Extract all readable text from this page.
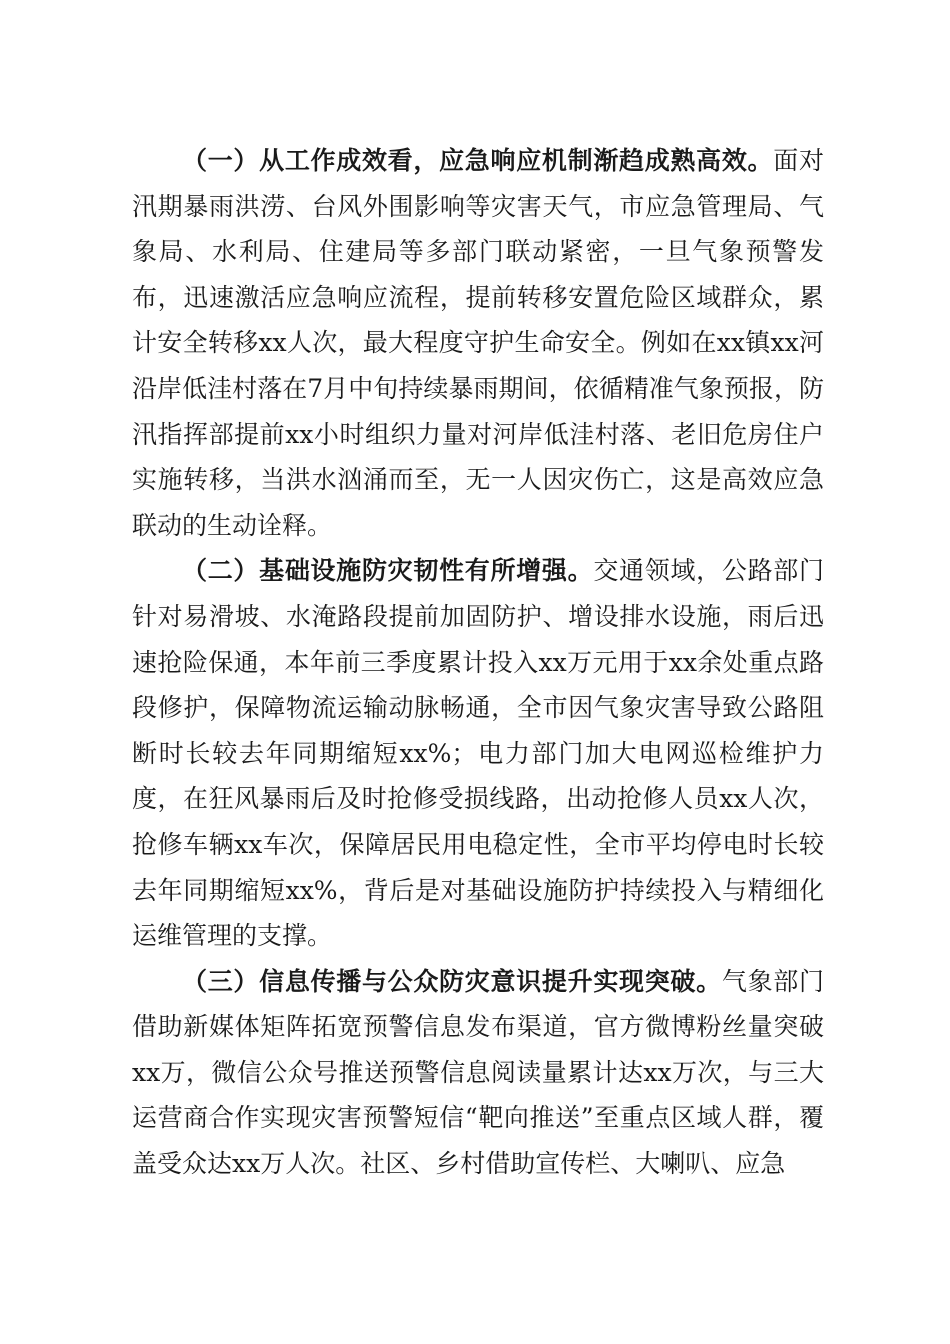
（一）从工作成效看，应急响应机制渐趋成熟高效。面对汛期暴雨洪涝、台风外围影响等灾害天气，市应急管理局、气象局、水利局、住建局等多部门联动紧密，一旦气象预警发布，迅速激活应急响应流程，提前转移安置危险区域群众，累计安全转移xx人次，最大程度守护生命安全。例如在xx镇xx河沿岸低洼村落在7月中旬持续暴雨期间，依循精准气象预报，防汛指挥部提前xx小时组织力量对河岸低洼村落、老旧危房住户实施转移，当洪水汹涌而至，无一人因灾伤亡，这是高效应急联动的生动诠释。

（二）基础设施防灾韧性有所增强。交通领域，公路部门针对易滑坡、水淹路段提前加固防护、增设排水设施，雨后迅速抢险保通，本年前三季度累计投入xx万元用于xx余处重点路段修护，保障物流运输动脉畅通，全市因气象灾害导致公路阻断时长较去年同期缩短xx%；电力部门加大电网巡检维护力度，在狂风暴雨后及时抢修受损线路，出动抢修人员xx人次，抢修车辆xx车次，保障居民用电稳定性，全市平均停电时长较去年同期缩短xx%，背后是对基础设施防护持续投入与精细化运维管理的支撑。

（三）信息传播与公众防灾意识提升实现突破。气象部门借助新媒体矩阵拓宽预警信息发布渠道，官方微博粉丝量突破xx万，微信公众号推送预警信息阅读量累计达xx万次，与三大运营商合作实现灾害预警短信“靶向推送”至重点区域人群，覆盖受众达xx万人次。社区、乡村借助宣传栏、大喇叭、应急
